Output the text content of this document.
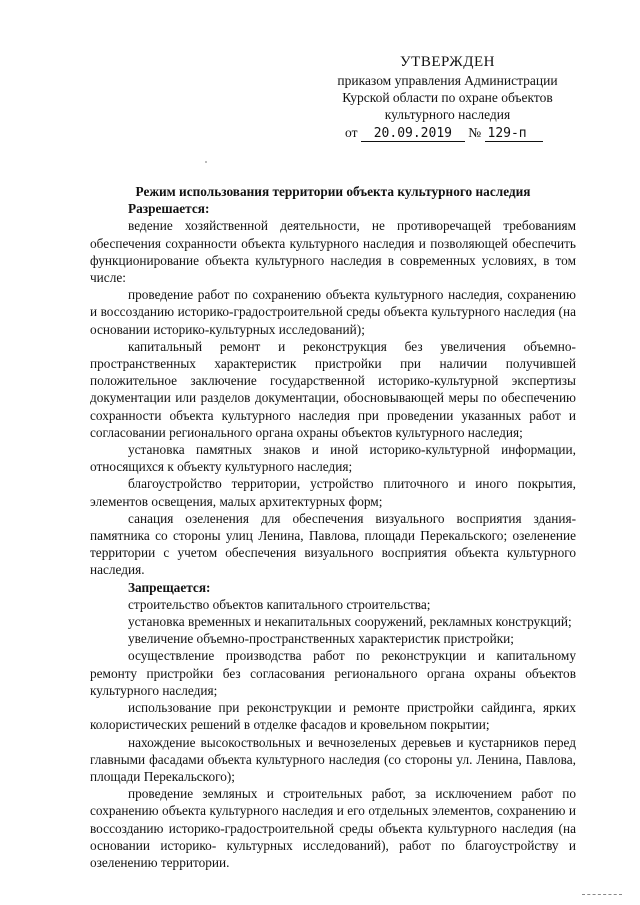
УТВЕРЖДЕН
приказом управления Администрации
Курской области по охране объектов
культурного наследия
от 20.09.2019 № 129-п

Режим использования территории объекта культурного наследия

Разрешается:

ведение хозяйственной деятельности, не противоречащей требованиям обеспечения сохранности объекта культурного наследия и позволяющей обеспечить функционирование объекта культурного наследия в современных условиях, в том числе:

проведение работ по сохранению объекта культурного наследия, сохранению и воссозданию историко-градостроительной среды объекта культурного наследия (на основании историко-культурных исследований);

капитальный ремонт и реконструкция без увеличения объемно-пространственных характеристик пристройки при наличии получившей положительное заключение государственной историко-культурной экспертизы документации или разделов документации, обосновывающей меры по обеспечению сохранности объекта культурного наследия при проведении указанных работ и согласовании регионального органа охраны объектов культурного наследия;

установка памятных знаков и иной историко-культурной информации, относящихся к объекту культурного наследия;

благоустройство территории, устройство плиточного и иного покрытия, элементов освещения, малых архитектурных форм;

санация озеленения для обеспечения визуального восприятия здания-памятника со стороны улиц Ленина, Павлова, площади Перекальского; озеленение территории с учетом обеспечения визуального восприятия объекта культурного наследия.

Запрещается:

строительство объектов капитального строительства;

установка временных и некапитальных сооружений, рекламных конструкций;

увеличение объемно-пространственных характеристик пристройки;

осуществление производства работ по реконструкции и капитальному ремонту пристройки без согласования регионального органа охраны объектов культурного наследия;

использование при реконструкции и ремонте пристройки сайдинга, ярких колористических решений в отделке фасадов и кровельном покрытии;

нахождение высокоствольных и вечнозеленых деревьев и кустарников перед главными фасадами объекта культурного наследия (со стороны ул. Ленина, Павлова, площади Перекальского);

проведение земляных и строительных работ, за исключением работ по сохранению объекта культурного наследия и его отдельных элементов, сохранению и воссозданию историко-градостроительной среды объекта культурного наследия (на основании историко- культурных исследований), работ по благоустройству и озеленению территории.
